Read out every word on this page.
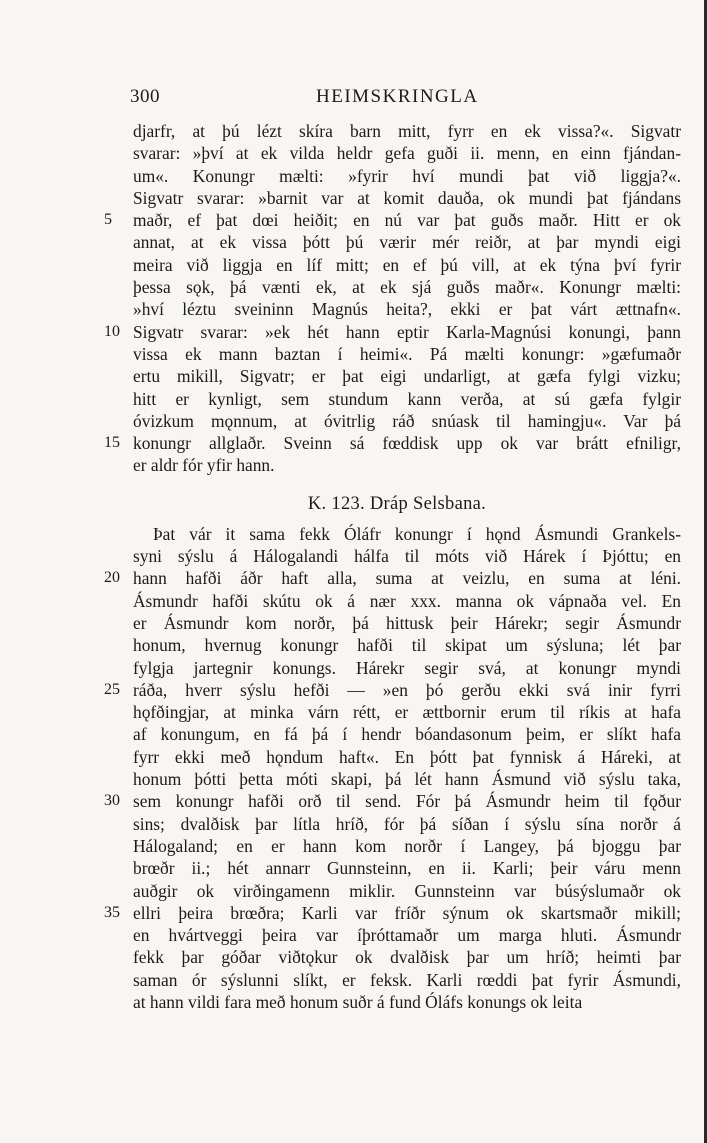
300	HEIMSKRINGLA
djarfr, at þú lézt skíra barn mitt, fyrr en ek vissa?«. Sigvatr
svarar: »því at ek vilda heldr gefa guði ii. menn, en einn fjándan-
um«. Konungr mælti: »fyrir hví mundi þat við liggja?«.
Sigvatr svarar: »barnit var at komit dauða, ok mundi þat fjándans
5	maðr, ef þat dœi heiðit; en nú var þat guðs maðr. Hitt er ok
annat, at ek vissa þótt þú værir mér reiðr, at þar myndi eigi
meira við liggja en líf mitt; en ef þú vill, at ek týna því fyrir
þessa sǫk, þá vænti ek, at ek sjá guðs maðr«. Konungr mælti:
»hví léztu sveininn Magnús heita?, ekki er þat várt ættnafn«.
10 Sigvatr svarar: »ek hét hann eptir Karla-Magnúsi konungi, þann
vissa ek mann baztan í heimi«. Pá mælti konungr: »gæfumaðr
ertu mikill, Sigvatr; er þat eigi undarligt, at gæfa fylgi vizku;
hitt er kynligt, sem stundum kann verða, at sú gæfa fylgir
óvizkum mǫnnum, at óvitrlig ráð snúask til hamingju«. Var þá
15 konungr allglaðr. Sveinn sá fœddisk upp ok var brátt efniligr,
er aldr fór yfir hann.
K. 123. Dráp Selsbana.
Þat vár it sama fekk Óláfr konungr í hǫnd Ásmundi Grankels-
syni sýslu á Hálogalandi hálfa til móts við Hárek í Þjóttu; en
20 hann hafði áðr haft alla, suma at veizlu, en suma at léni.
Ásmundr hafði skútu ok á nær xxx. manna ok vápnaða vel. En
er Ásmundr kom norðr, þá hittusk þeir Hárekr; segir Ásmundr
honum, hvernug konungr hafði til skipat um sýsluna; lét þar
fylgja jartegnir konungs. Hárekr segir svá, at konungr myndi
25 ráða, hverr sýslu hefði — »en þó gerðu ekki svá inir fyrri
hǫfðingjar, at minka várn rétt, er ættbornir erum til ríkis at hafa
af konungum, en fá þá í hendr bóandasonum þeim, er slíkt hafa
fyrr ekki með hǫndum haft«. En þótt þat fynnisk á Háreki, at
honum þótti þetta móti skapi, þá lét hann Ásmund við sýslu taka,
30 sem konungr hafði orð til send. Fór þá Ásmundr heim til fǫður
sins; dvalðisk þar lítla hríð, fór þá síðan í sýslu sína norðr á
Hálogaland; en er hann kom norðr í Langey, þá bjoggu þar
brœðr ii.; hét annarr Gunnsteinn, en ii. Karli; þeir váru menn
auðgir ok virðingamenn miklir. Gunnsteinn var búsýslumaðr ok
35 ellri þeira brœðra; Karli var fríðr sýnum ok skartsmaðr mikill;
en hvártveggi þeira var íþróttamaðr um marga hluti. Ásmundr
fekk þar góðar viðtǫkur ok dvalðisk þar um hríð; heimti þar
saman ór sýslunni slíkt, er feksk. Karli rœddi þat fyrir Ásmundi,
at hann vildi fara með honum suðr á fund Óláfs konungs ok leita
